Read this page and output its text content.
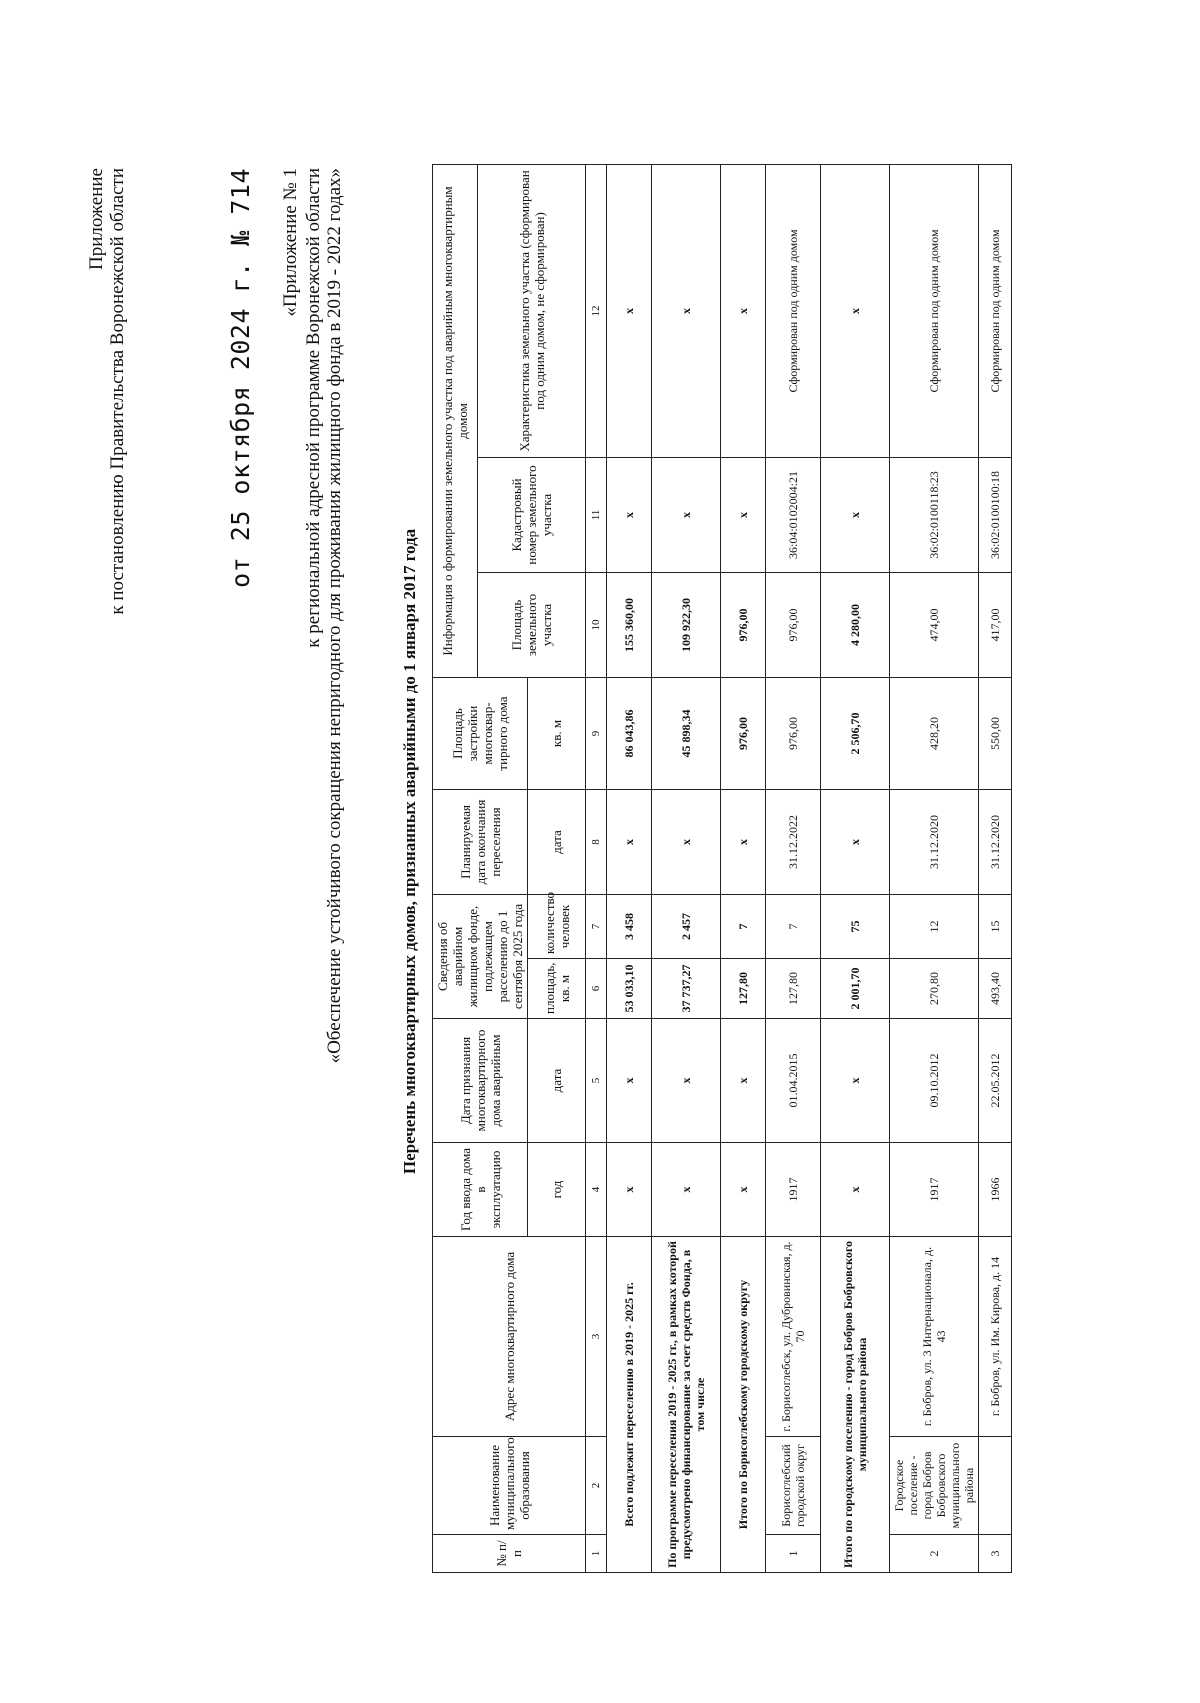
Приложение к постановлению Правительства Воронежской области	от 25 октября 2024 г. № 714 «Приложение № 1 к региональной адресной программе Воронежской области «Обеспечение устойчивого сокращения непригодного для проживания жилищного фонда в 2019 - 2022 годах»	Перечень многоквартирных домов, признанных аварийными до 1 января 2017 года
№ п/п	Наименование муниципального образования	Адрес многоквартирного дома	Год ввода дома в эксплуатацию	Дата признания многоквартирного дома аварийным	Сведения об аварийном жилищном фонде, подлежащем расселению до 1 сентября 2025 года		Планируемая дата окончания переселения	Площадь застройки многоквар-тирного дома	Информация о формировании земельного участка под аварийным многоквартирным домом		
									Площадь земельного участка	Кадастровый номер земельного участка	Характеристика земельного участка (сформирован под одним домом, не сформирован)
			год	дата	площадь, кв. м	количество человек	дата	кв. м			
1	2	3	4	5	6	7	8	9	10	11	12
Всего подлежит переселению в 2019 - 2025 гг.			х	х	53 033,10	3 458	х	86 043,86	155 360,00	х	х
По программе переселения 2019 - 2025 гг., в рамках которой предусмотрено финансирование за счет средств Фонда, в том числе			х	х	37 737,27	2 457	х	45 898,34	109 922,30	х	х
Итого по Борисоглебскому городскому округу			х	х	127,80	7	х	976,00	976,00	х	х
1	Борисоглебский городской округ	г. Борисоглебск, ул. Дубровинская, д. 70	1917	01.04.2015	127,80	7	31.12.2022	976,00	976,00	36:04:0102004:21	Сформирован под одним домом
Итого по городскому поселению - город Бобров Бобровского муниципального района			х	х	2 001,70	75	х	2 506,70	4 280,00	х	х
2	Городское поселение - город Бобров Бобровского муниципального района	г. Бобров, ул. 3 Интернационала, д. 43	1917	09.10.2012	270,80	12	31.12.2020	428,20	474,00	36:02:0100118:23	Сформирован под одним домом
3		г. Бобров, ул. Им. Кирова, д. 14	1966	22.05.2012	493,40	15	31.12.2020	550,00	417,00	36:02:0100100:18	Сформирован под одним домом
